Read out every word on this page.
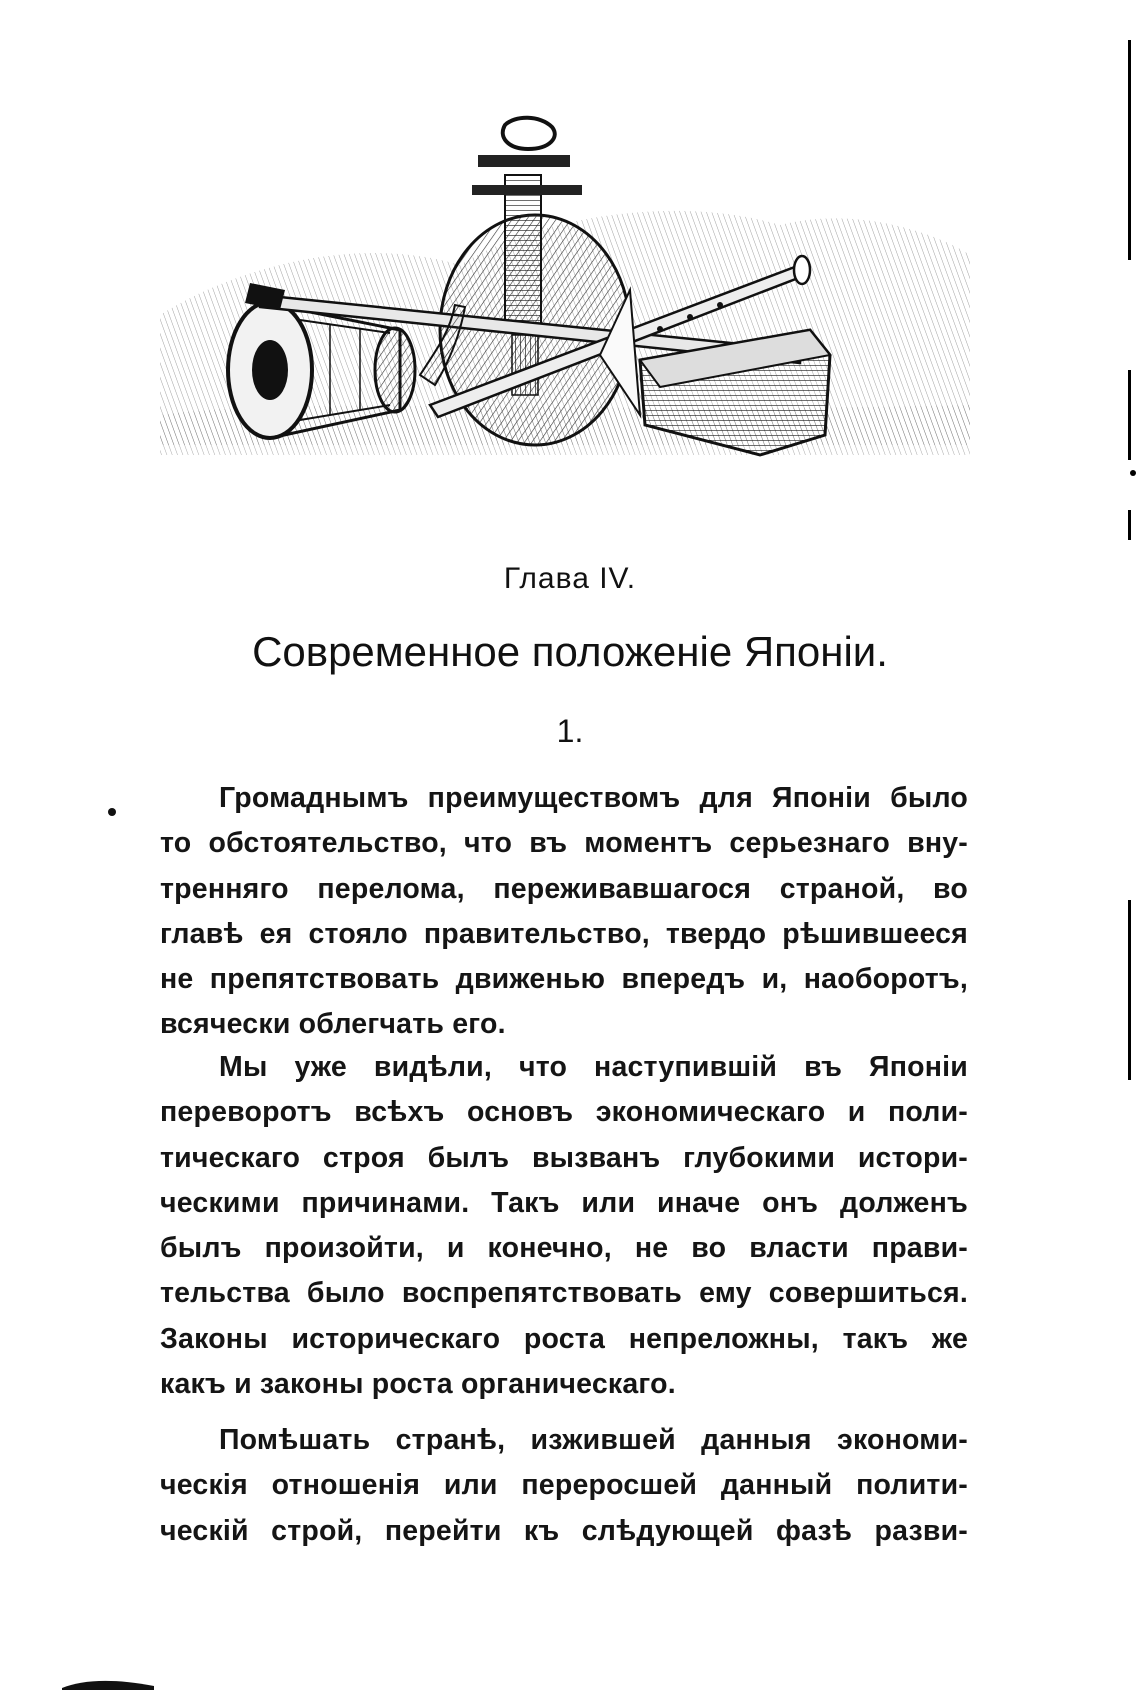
Глава IV.
Современное положенiе Японiи.
1.
Громаднымъ преимуществомъ для Японiи было
то обстоятельство, что въ моментъ серьезнаго вну-
тренняго перелома, переживавшагося страной, во
главѣ ея стояло правительство, твердо рѣшившееся
не препятствовать движенью впередъ и, наоборотъ,
всячески облегчать его.
Мы уже видѣли, что наступившiй въ Японiи
переворотъ всѣхъ основъ экономическаго и поли-
тическаго строя былъ вызванъ глубокими истори-
ческими причинами. Такъ или иначе онъ долженъ
былъ произойти, и конечно, не во власти прави-
тельства было воспрепятствовать ему совершиться.
Законы историческаго роста непреложны, такъ же
какъ и законы роста органическаго.
Помѣшать странѣ, изжившей данныя экономи-
ческiя отношенiя или переросшей данный полити-
ческiй строй, перейти къ слѣдующей фазѣ разви-
